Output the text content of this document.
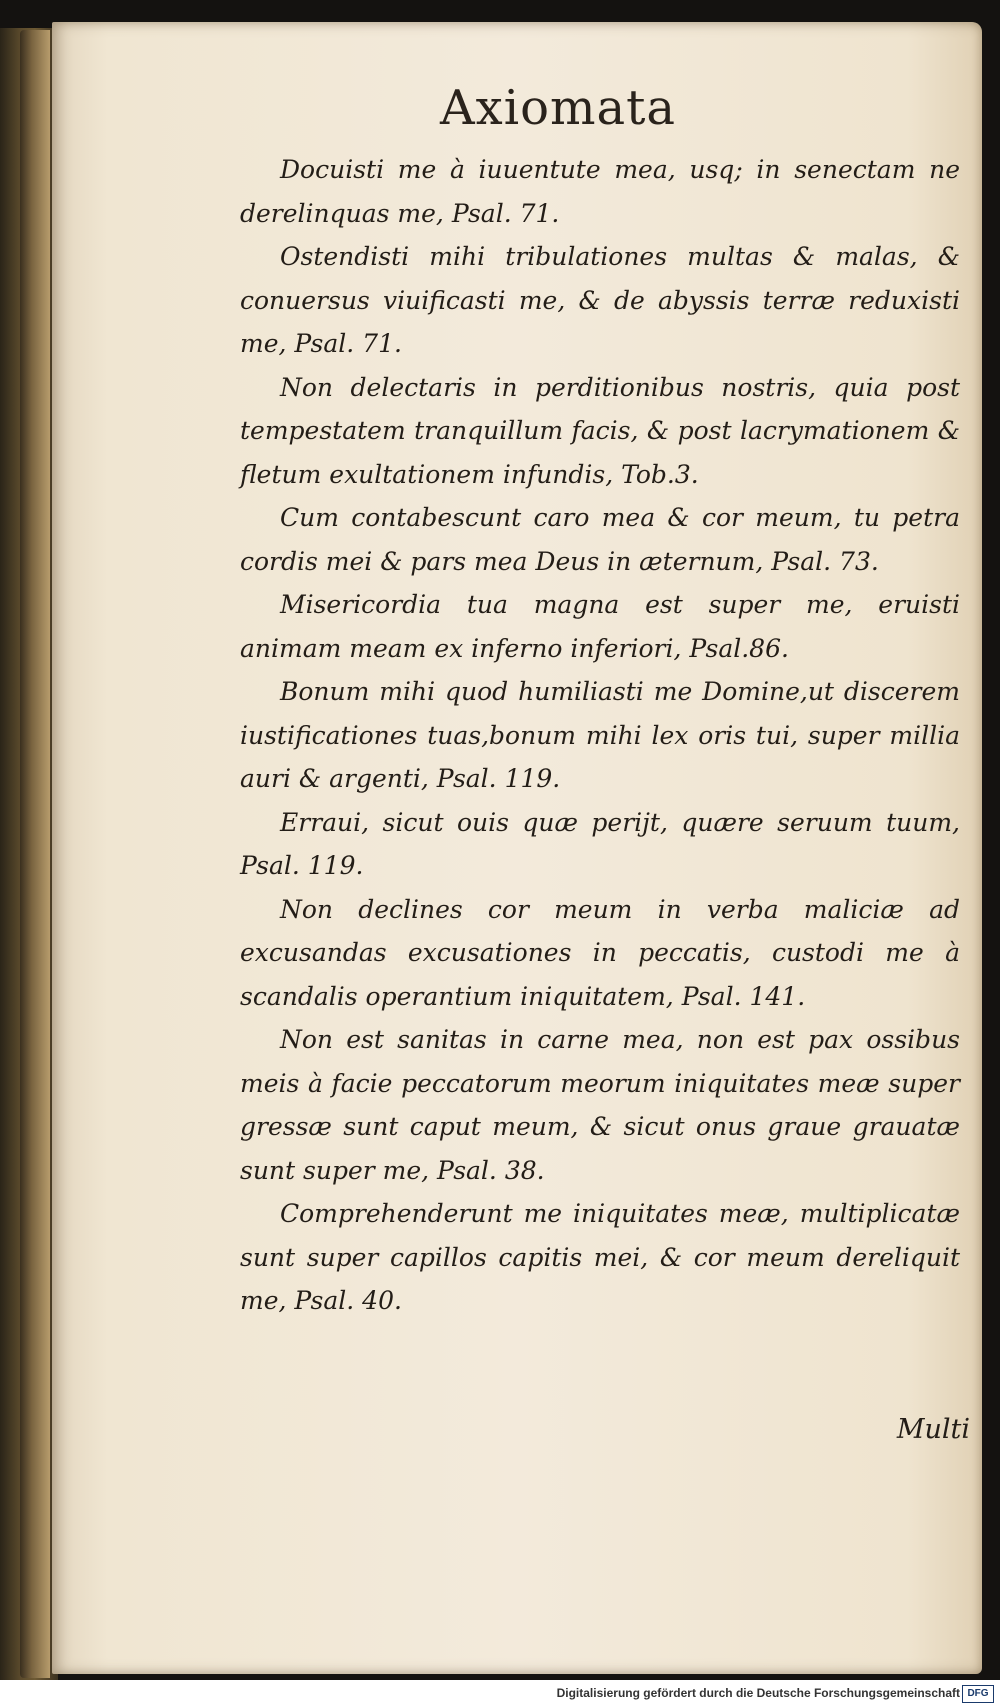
Axiomata

Docuisti me à iuuentute mea, usq; in senectam ne derelinquas me, Psal. 71.

Ostendisti mihi tribulationes multas & malas, & conuersus viuificasti me, & de abyssis terræ reduxisti me, Psal. 71.

Non delectaris in perditionibus nostris, quia post tempestatem tranquillum facis, & post lacrymationem & fletum exultationem infundis, Tob.3.

Cum contabescunt caro mea & cor meum, tu petra cordis mei & pars mea Deus in æternum, Psal. 73.

Misericordia tua magna est super me, eruisti animam meam ex inferno inferiori, Psal.86.

Bonum mihi quod humiliasti me Domine,ut discerem iustificationes tuas,bonum mihi lex oris tui, super millia auri & argenti, Psal. 119.

Erraui, sicut ouis quæ perijt, quære seruum tuum, Psal. 119.

Non declines cor meum in verba maliciæ ad excusandas excusationes in peccatis, custodi me à scandalis operantium iniquitatem, Psal. 141.

Non est sanitas in carne mea, non est pax ossibus meis à facie peccatorum meorum iniquitates meæ super gressæ sunt caput meum, & sicut onus graue grauatæ sunt super me, Psal. 38.

Comprehenderunt me iniquitates meæ, multiplicatæ sunt super capillos capitis mei, & cor meum dereliquit me, Psal. 40.

Multi
Digitalisierung gefördert durch die Deutsche Forschungsgemeinschaft DFG
